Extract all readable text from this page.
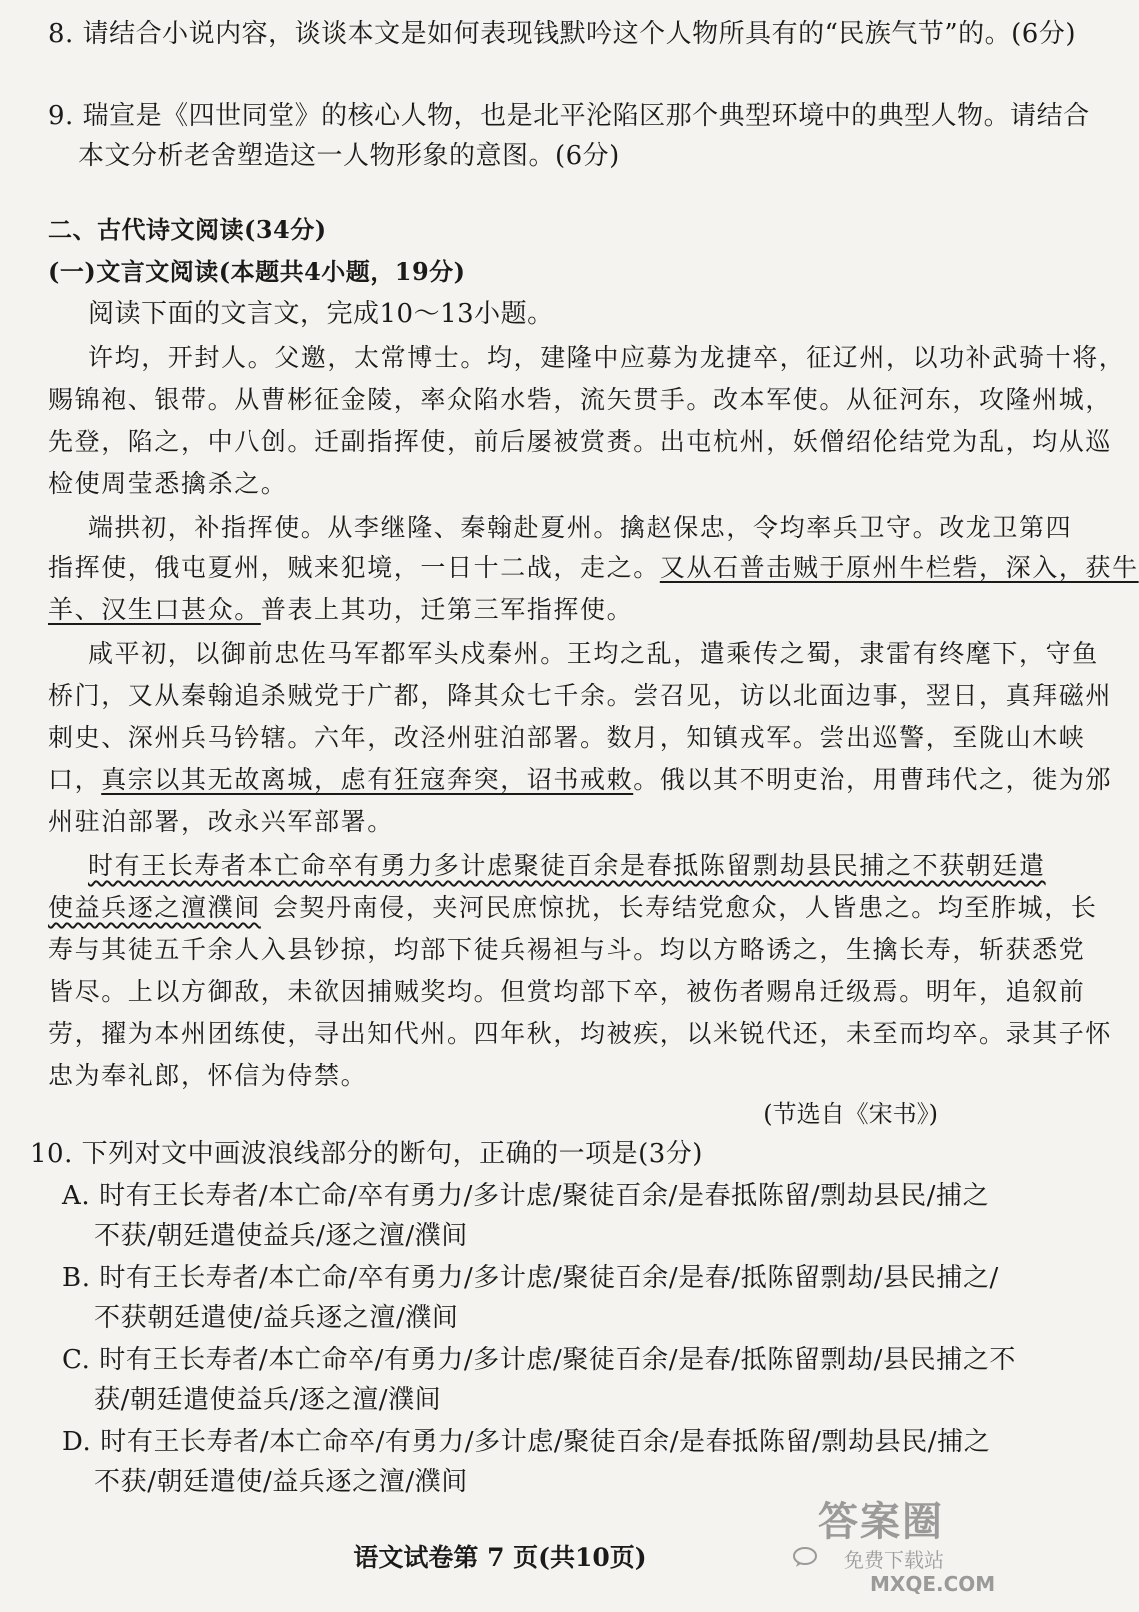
8. 请结合小说内容，谈谈本文是如何表现钱默吟这个人物所具有的“民族气节”的。(6分)
9. 瑞宣是《四世同堂》的核心人物，也是北平沦陷区那个典型环境中的典型人物。请结合
本文分析老舍塑造这一人物形象的意图。(6分)
二、古代诗文阅读(34分)
(一)文言文阅读(本题共4小题，19分)
阅读下面的文言文，完成10～13小题。
许均，开封人。父邀，太常博士。均，建隆中应募为龙捷卒，征辽州，以功补武骑十将，
赐锦袍、银带。从曹彬征金陵，率众陷水砦，流矢贯手。改本军使。从征河东，攻隆州城，
先登，陷之，中八创。迁副指挥使，前后屡被赏赉。出屯杭州，妖僧绍伦结党为乱，均从巡
检使周莹悉擒杀之。
端拱初，补指挥使。从李继隆、秦翰赴夏州。擒赵保忠，令均率兵卫守。改龙卫第四
指挥使，俄屯夏州，贼来犯境，一日十二战，走之。又从石普击贼于原州牛栏砦，深入，获牛
羊、汉生口甚众。普表上其功，迁第三军指挥使。
咸平初，以御前忠佐马军都军头戍秦州。王均之乱，遣乘传之蜀，隶雷有终麾下，守鱼
桥门，又从秦翰追杀贼党于广都，降其众七千余。尝召见，访以北面边事，翌日，真拜磁州
刺史、深州兵马钤辖。六年，改泾州驻泊部署。数月，知镇戎军。尝出巡警，至陇山木峡
口，真宗以其无故离城，虑有狂寇奔突，诏书戒敕。俄以其不明吏治，用曹玮代之，徙为邠
州驻泊部署，改永兴军部署。
时有王长寿者本亡命卒有勇力多计虑聚徒百余是春抵陈留剽劫县民捕之不获朝廷遣
使益兵逐之澶濮间 会契丹南侵，夹河民庶惊扰，长寿结党愈众，人皆患之。均至胙城，长
寿与其徒五千余人入县钞掠，均部下徒兵裼袒与斗。均以方略诱之，生擒长寿，斩获悉党
皆尽。上以方御敌，未欲因捕贼奖均。但赏均部下卒，被伤者赐帛迁级焉。明年，追叙前
劳，擢为本州团练使，寻出知代州。四年秋，均被疾，以米锐代还，未至而均卒。录其子怀
忠为奉礼郎，怀信为侍禁。
(节选自《宋书》)
10. 下列对文中画波浪线部分的断句，正确的一项是(3分)
A. 时有王长寿者/本亡命/卒有勇力/多计虑/聚徒百余/是春抵陈留/剽劫县民/捕之
不获/朝廷遣使益兵/逐之澶/濮间
B. 时有王长寿者/本亡命/卒有勇力/多计虑/聚徒百余/是春/抵陈留剽劫/县民捕之/
不获朝廷遣使/益兵逐之澶/濮间
C. 时有王长寿者/本亡命卒/有勇力/多计虑/聚徒百余/是春/抵陈留剽劫/县民捕之不
获/朝廷遣使益兵/逐之澶/濮间
D. 时有王长寿者/本亡命卒/有勇力/多计虑/聚徒百余/是春抵陈留/剽劫县民/捕之
不获/朝廷遣使/益兵逐之澶/濮间
语文试卷第 7 页(共10页)
答案圈
免费下载站
MXQE.COM
